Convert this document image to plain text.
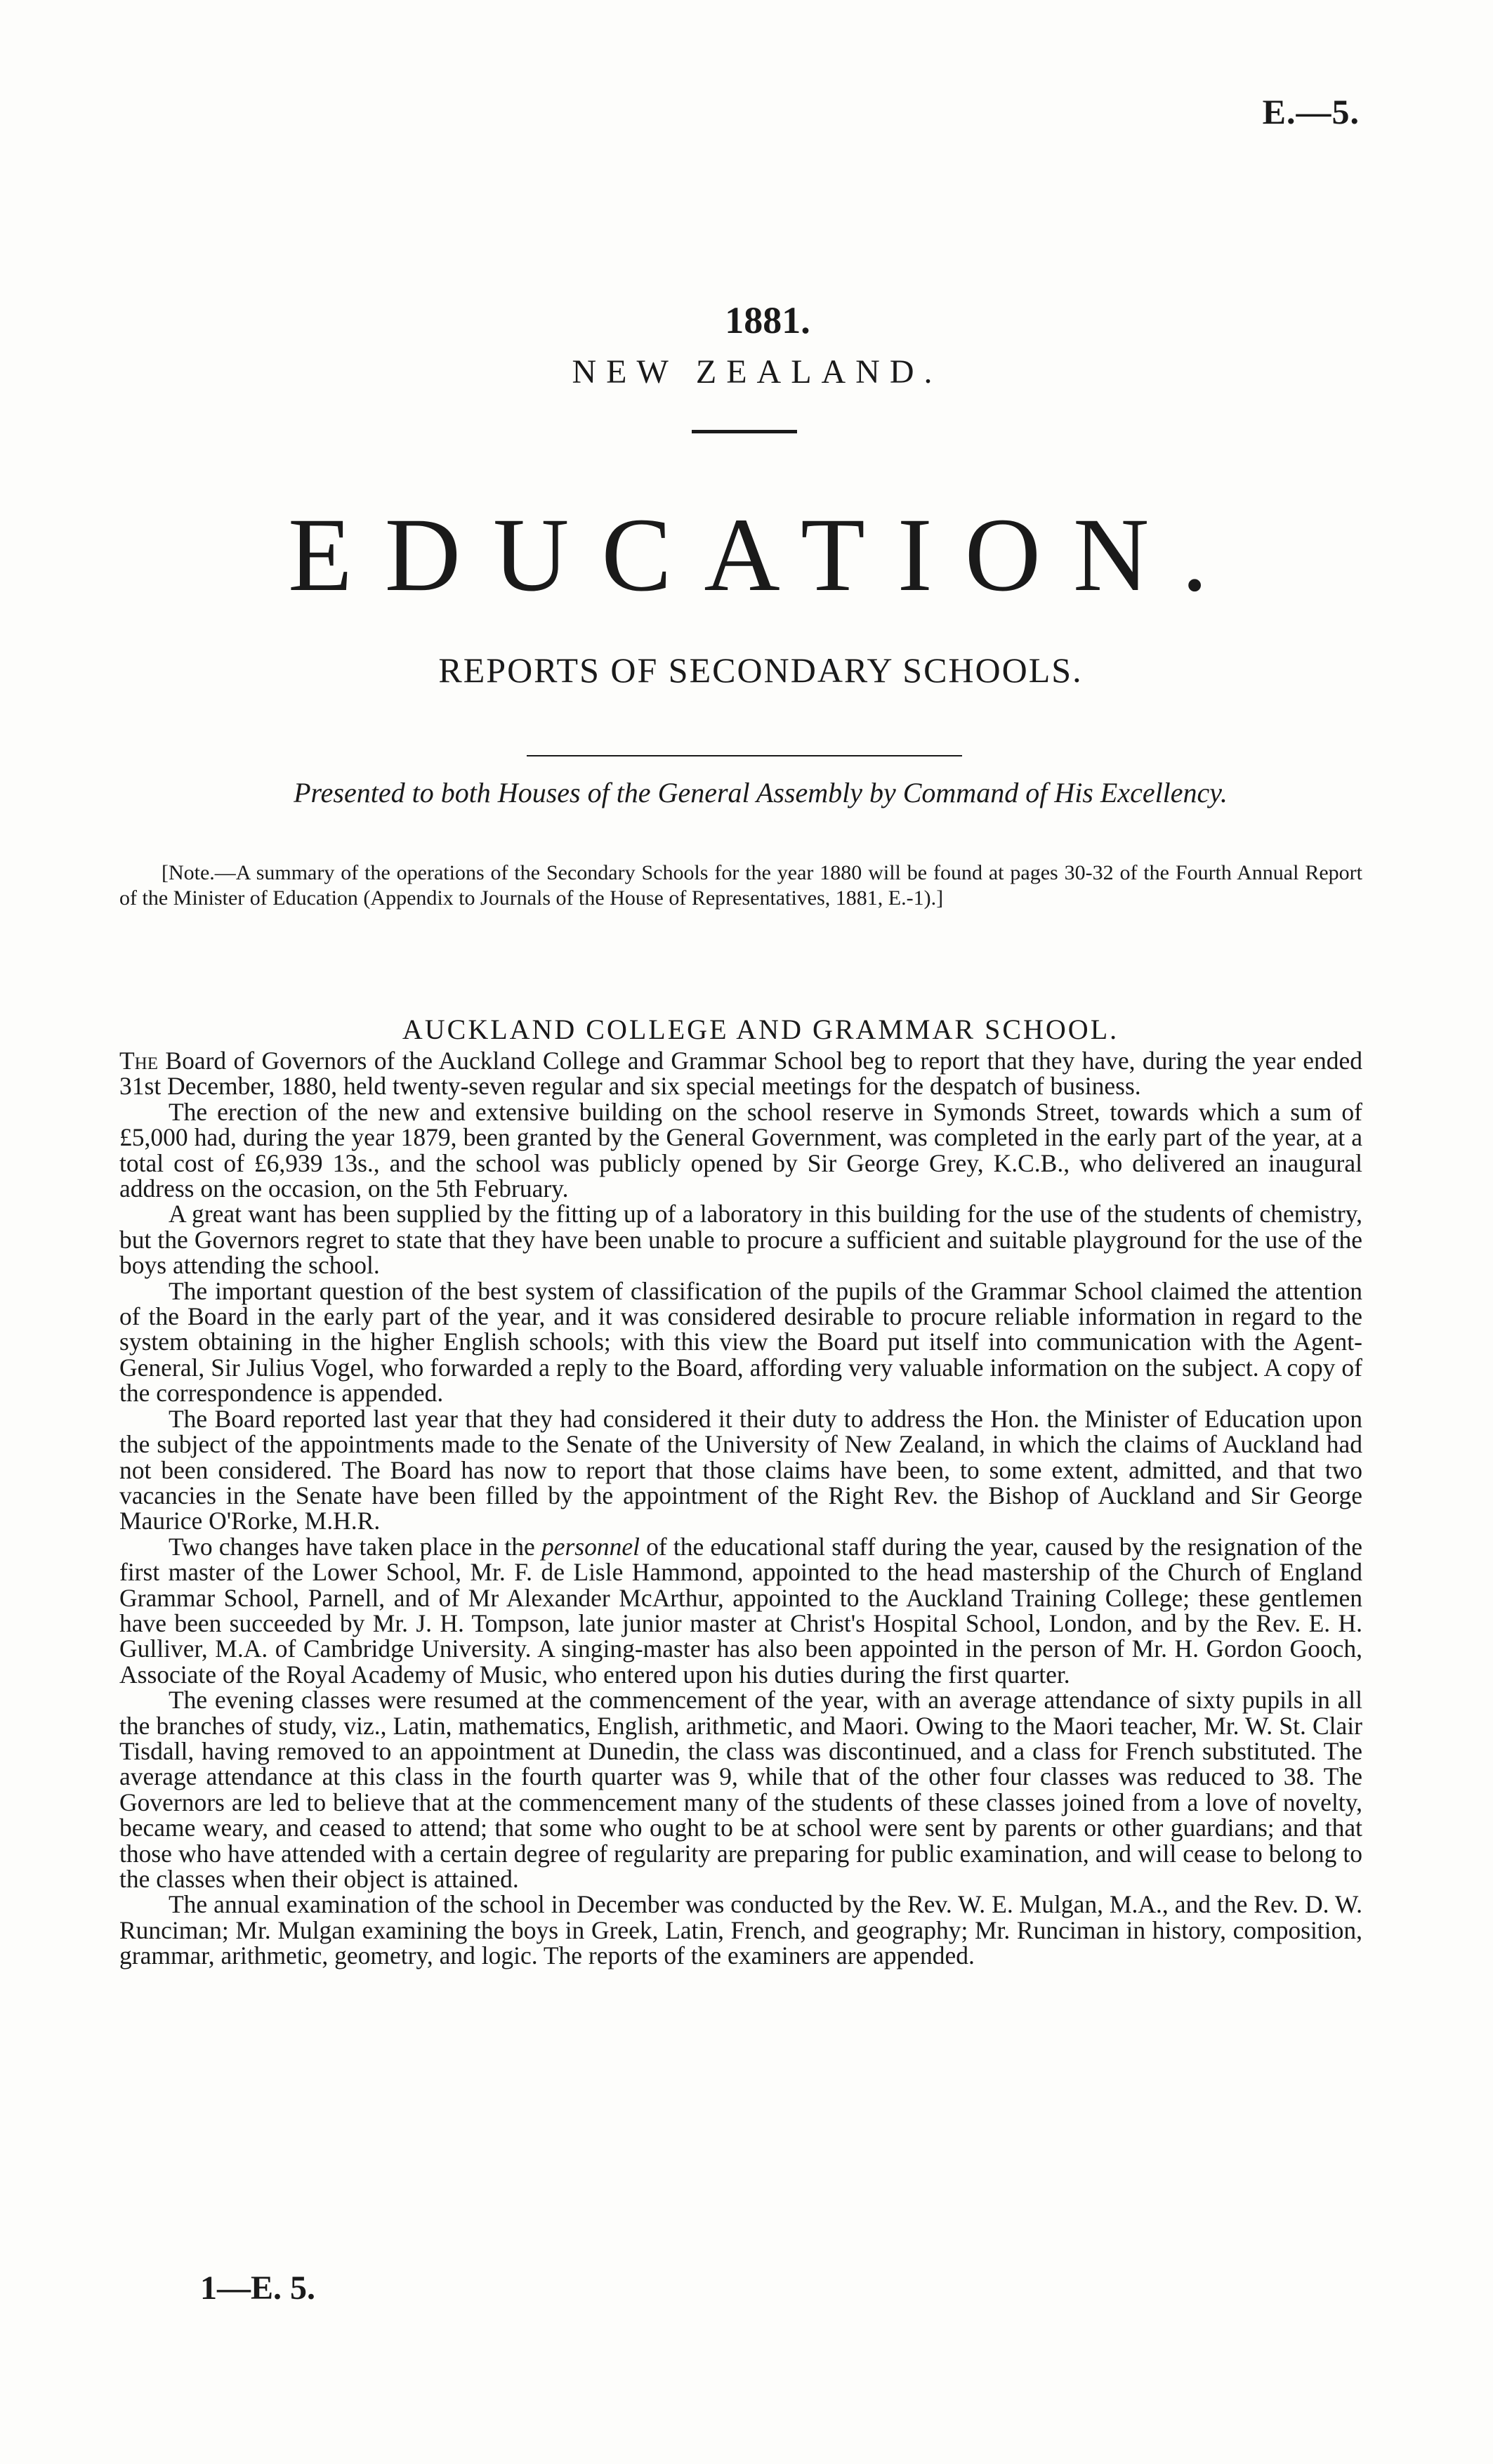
E.—5.
1881.
NEW ZEALAND.
EDUCATION.
REPORTS OF SECONDARY SCHOOLS.
Presented to both Houses of the General Assembly by Command of His Excellency.
[Note.—A summary of the operations of the Secondary Schools for the year 1880 will be found at pages 30-32 of the Fourth Annual Report of the Minister of Education (Appendix to Journals of the House of Representatives, 1881, E.-1).]
AUCKLAND COLLEGE AND GRAMMAR SCHOOL.

The Board of Governors of the Auckland College and Grammar School beg to report that they have, during the year ended 31st December, 1880, held twenty-seven regular and six special meetings for the despatch of business.

The erection of the new and extensive building on the school reserve in Symonds Street, towards which a sum of £5,000 had, during the year 1879, been granted by the General Government, was completed in the early part of the year, at a total cost of £6,939 13s., and the school was publicly opened by Sir George Grey, K.C.B., who delivered an inaugural address on the occasion, on the 5th February.

A great want has been supplied by the fitting up of a laboratory in this building for the use of the students of chemistry, but the Governors regret to state that they have been unable to procure a sufficient and suitable playground for the use of the boys attending the school.

The important question of the best system of classification of the pupils of the Grammar School claimed the attention of the Board in the early part of the year, and it was considered desirable to procure reliable information in regard to the system obtaining in the higher English schools; with this view the Board put itself into communication with the Agent-General, Sir Julius Vogel, who forwarded a reply to the Board, affording very valuable information on the subject. A copy of the correspondence is appended.

The Board reported last year that they had considered it their duty to address the Hon. the Minister of Education upon the subject of the appointments made to the Senate of the University of New Zealand, in which the claims of Auckland had not been considered. The Board has now to report that those claims have been, to some extent, admitted, and that two vacancies in the Senate have been filled by the appointment of the Right Rev. the Bishop of Auckland and Sir George Maurice O'Rorke, M.H.R.

Two changes have taken place in the personnel of the educational staff during the year, caused by the resignation of the first master of the Lower School, Mr. F. de Lisle Hammond, appointed to the head mastership of the Church of England Grammar School, Parnell, and of Mr Alexander McArthur, appointed to the Auckland Training College; these gentlemen have been succeeded by Mr. J. H. Tompson, late junior master at Christ's Hospital School, London, and by the Rev. E. H. Gulliver, M.A. of Cambridge University. A singing-master has also been appointed in the person of Mr. H. Gordon Gooch, Associate of the Royal Academy of Music, who entered upon his duties during the first quarter.

The evening classes were resumed at the commencement of the year, with an average attendance of sixty pupils in all the branches of study, viz., Latin, mathematics, English, arithmetic, and Maori. Owing to the Maori teacher, Mr. W. St. Clair Tisdall, having removed to an appointment at Dunedin, the class was discontinued, and a class for French substituted. The average attendance at this class in the fourth quarter was 9, while that of the other four classes was reduced to 38. The Governors are led to believe that at the commencement many of the students of these classes joined from a love of novelty, became weary, and ceased to attend; that some who ought to be at school were sent by parents or other guardians; and that those who have attended with a certain degree of regularity are preparing for public examination, and will cease to belong to the classes when their object is attained.

The annual examination of the school in December was conducted by the Rev. W. E. Mulgan, M.A., and the Rev. D. W. Runciman; Mr. Mulgan examining the boys in Greek, Latin, French, and geography; Mr. Runciman in history, composition, grammar, arithmetic, geometry, and logic. The reports of the examiners are appended.

1—E. 5.
